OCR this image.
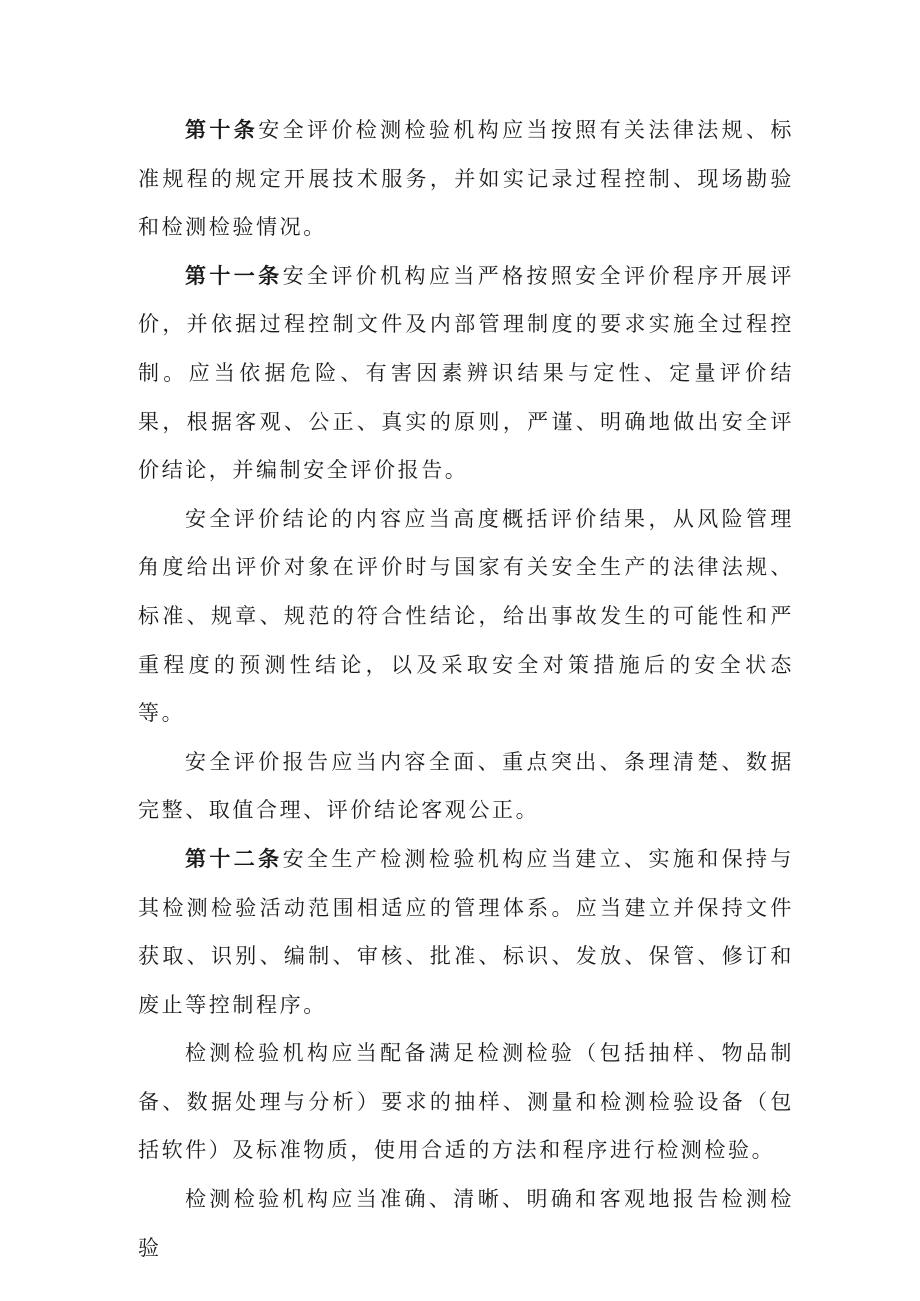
第十条安全评价检测检验机构应当按照有关法律法规、标准规程的规定开展技术服务，并如实记录过程控制、现场勘验和检测检验情况。

第十一条安全评价机构应当严格按照安全评价程序开展评价，并依据过程控制文件及内部管理制度的要求实施全过程控制。应当依据危险、有害因素辨识结果与定性、定量评价结果，根据客观、公正、真实的原则，严谨、明确地做出安全评价结论，并编制安全评价报告。

安全评价结论的内容应当高度概括评价结果，从风险管理角度给出评价对象在评价时与国家有关安全生产的法律法规、标准、规章、规范的符合性结论，给出事故发生的可能性和严重程度的预测性结论，以及采取安全对策措施后的安全状态等。

安全评价报告应当内容全面、重点突出、条理清楚、数据完整、取值合理、评价结论客观公正。

第十二条安全生产检测检验机构应当建立、实施和保持与其检测检验活动范围相适应的管理体系。应当建立并保持文件获取、识别、编制、审核、批准、标识、发放、保管、修订和废止等控制程序。

检测检验机构应当配备满足检测检验（包括抽样、物品制备、数据处理与分析）要求的抽样、测量和检测检验设备（包括软件）及标准物质，使用合适的方法和程序进行检测检验。

检测检验机构应当准确、清晰、明确和客观地报告检测检验
